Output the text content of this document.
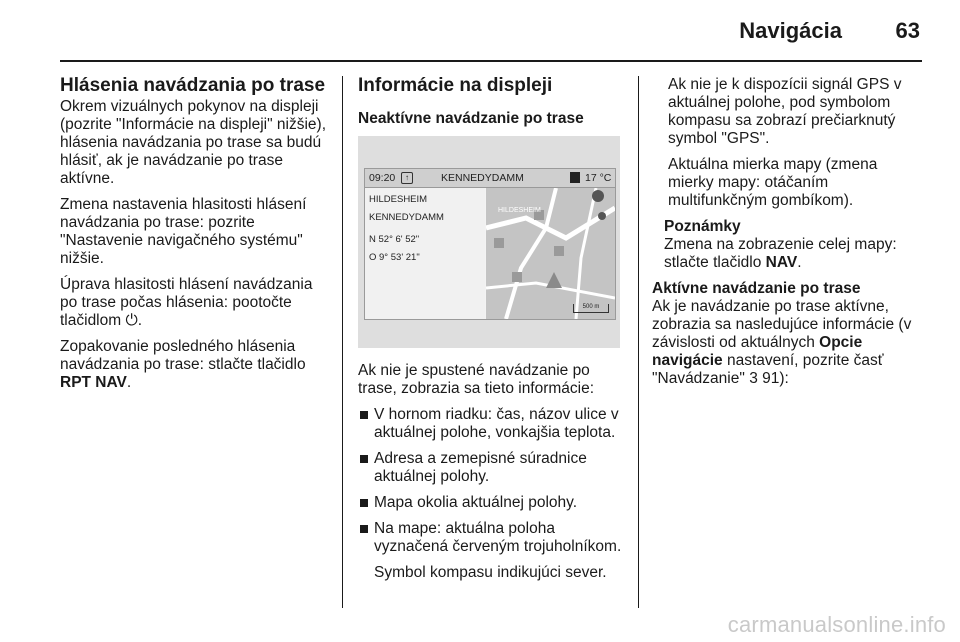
Navigácia 63
Hlásenia navádzania po trase

Okrem vizuálnych pokynov na displeji (pozrite "Informácie na displeji" nižšie), hlásenia navádzania po trase sa budú hlásiť, ak je navádzanie po trase aktívne.

Zmena nastavenia hlasitosti hlásení navádzania po trase: pozrite "Nastavenie navigačného systému" nižšie.

Úprava hlasitosti hlásení navádzania po trase počas hlásenia: pootočte tlačidlom ⏻.

Zopakovanie posledného hlásenia navádzania po trase: stlačte tlačidlo RPT NAV.

Informácie na displeji
Neaktívne navádzanie po trase
09:20	↑	KENNEDYDAMM	17 °C
HILDESHEIM
KENNEDYDAMM
N 52° 6' 52"
O 9° 53' 21"
HILDESHEIM
500 m

Ak nie je spustené navádzanie po trase, zobrazia sa tieto informácie:

V hornom riadku: čas, názov ulice v aktuálnej polohe, vonkajšia teplota.
Adresa a zemepisné súradnice aktuálnej polohy.
Mapa okolia aktuálnej polohy.
Na mape: aktuálna poloha vyznačená červeným trojuholníkom.

Symbol kompasu indikujúci sever.

Ak nie je k dispozícii signál GPS v aktuálnej polohe, pod symbolom kompasu sa zobrazí prečiarknutý symbol "GPS".

Aktuálna mierka mapy (zmena mierky mapy: otáčaním multifunkčným gombíkom).

Poznámky

Zmena na zobrazenie celej mapy: stlačte tlačidlo NAV.

Aktívne navádzanie po trase

Ak je navádzanie po trase aktívne, zobrazia sa nasledujúce informácie (v závislosti od aktuálnych Opcie navigácie nastavení, pozrite časť "Navádzanie" 3 91):

carmanualsonline.info
